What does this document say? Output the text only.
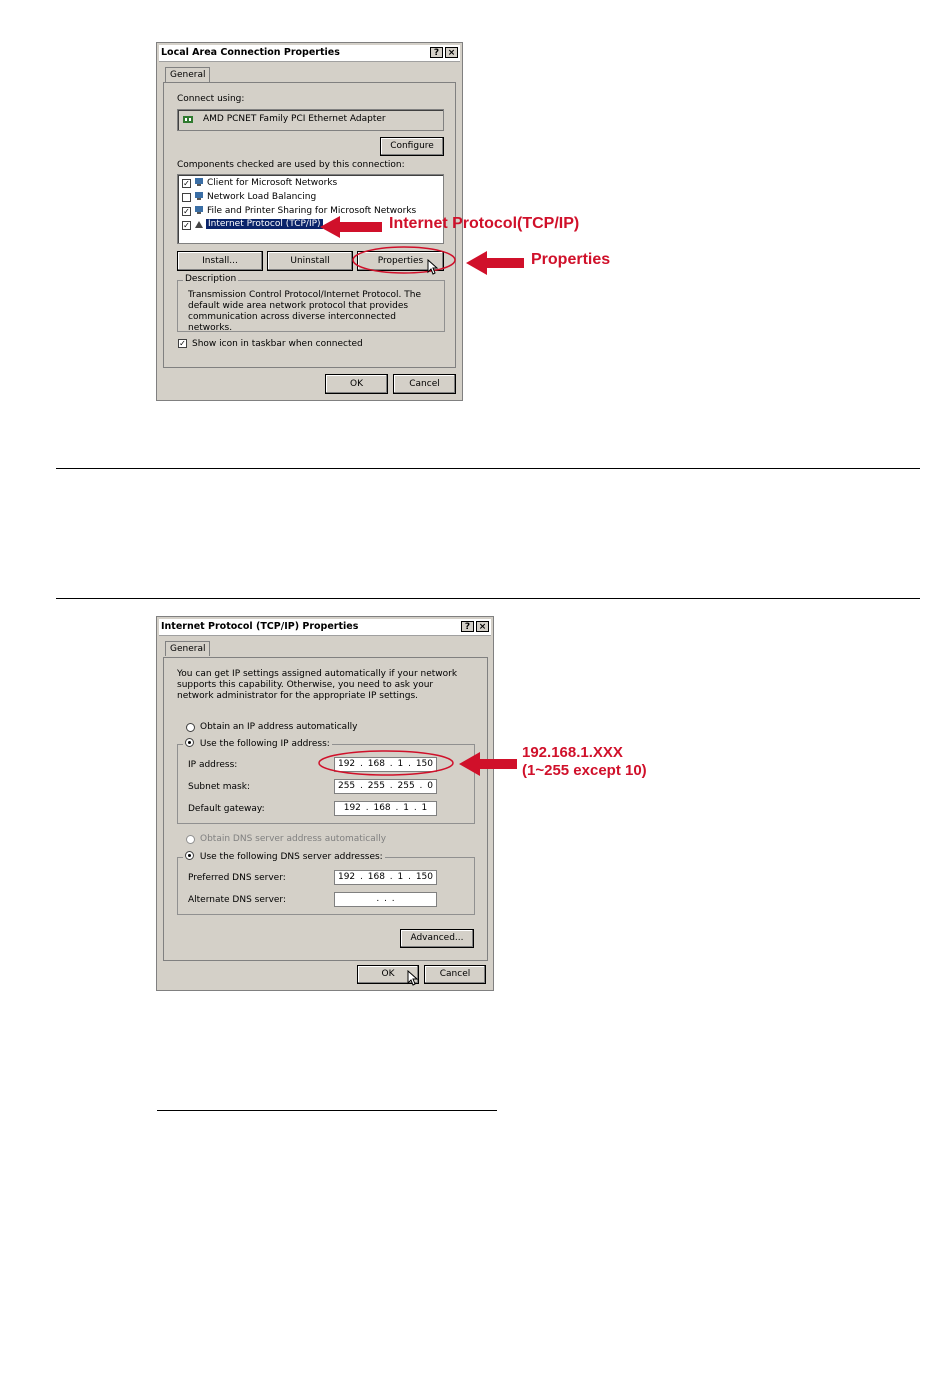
Local Area Connection Properties	? ×
General
Connect using:
AMD PCNET Family PCI Ethernet Adapter
Configure
Components checked are used by this connection:
✓ Client for Microsoft Networks
Network Load Balancing
✓ File and Printer Sharing for Microsoft Networks
✓ Internet Protocol (TCP/IP)
Install...	Uninstall	Properties
Description
Transmission Control Protocol/Internet Protocol. The default wide area network protocol that provides communication across diverse interconnected networks.
✓ Show icon in taskbar when connected
OK	Cancel
Internet Protocol(TCP/IP)
Properties
Internet Protocol (TCP/IP) Properties	? ×
General
You can get IP settings assigned automatically if your network supports this capability. Otherwise, you need to ask your network administrator for the appropriate IP settings.
Obtain an IP address automatically
Use the following IP address:
IP address:	192 . 168 . 1 . 150
Subnet mask:	255 . 255 . 255 . 0
Default gateway:	192 . 168 . 1 . 1
Obtain DNS server address automatically
Use the following DNS server addresses:
Preferred DNS server:	192 . 168 . 1 . 150
Alternate DNS server:	. . .
Advanced...
OK	Cancel
192.168.1.XXX
(1~255 except 10)
